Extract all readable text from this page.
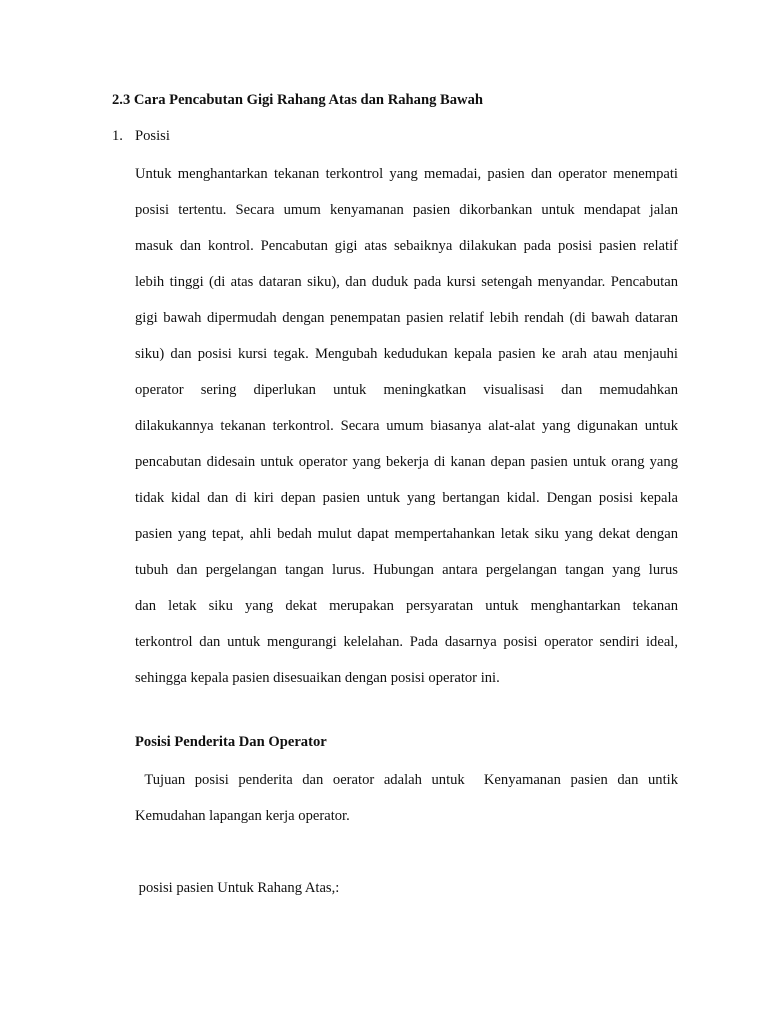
2.3 Cara Pencabutan Gigi Rahang Atas dan Rahang Bawah
1. Posisi
Untuk menghantarkan tekanan terkontrol yang memadai, pasien dan operator menempati
posisi tertentu. Secara umum kenyamanan pasien dikorbankan untuk mendapat jalan
masuk dan kontrol. Pencabutan gigi atas sebaiknya dilakukan pada posisi pasien relatif
lebih tinggi (di atas dataran siku), dan duduk pada kursi setengah menyandar. Pencabutan
gigi bawah dipermudah dengan penempatan pasien relatif lebih rendah (di bawah dataran
siku) dan posisi kursi tegak. Mengubah kedudukan kepala pasien ke arah atau menjauhi
operator sering diperlukan untuk meningkatkan visualisasi dan memudahkan
dilakukannya tekanan terkontrol. Secara umum biasanya alat-alat yang digunakan untuk
pencabutan didesain untuk operator yang bekerja di kanan depan pasien untuk orang yang
tidak kidal dan di kiri depan pasien untuk yang bertangan kidal. Dengan posisi kepala
pasien yang tepat, ahli bedah mulut dapat mempertahankan letak siku yang dekat dengan
tubuh dan pergelangan tangan lurus. Hubungan antara pergelangan tangan yang lurus
dan letak siku yang dekat merupakan persyaratan untuk menghantarkan tekanan
terkontrol dan untuk mengurangi kelelahan. Pada dasarnya posisi operator sendiri ideal,
sehingga kepala pasien disesuaikan dengan posisi operator ini.
Posisi Penderita Dan Operator
Tujuan posisi penderita dan oerator adalah untuk  Kenyamanan pasien dan untik
Kemudahan lapangan kerja operator.
posisi pasien Untuk Rahang Atas,:
